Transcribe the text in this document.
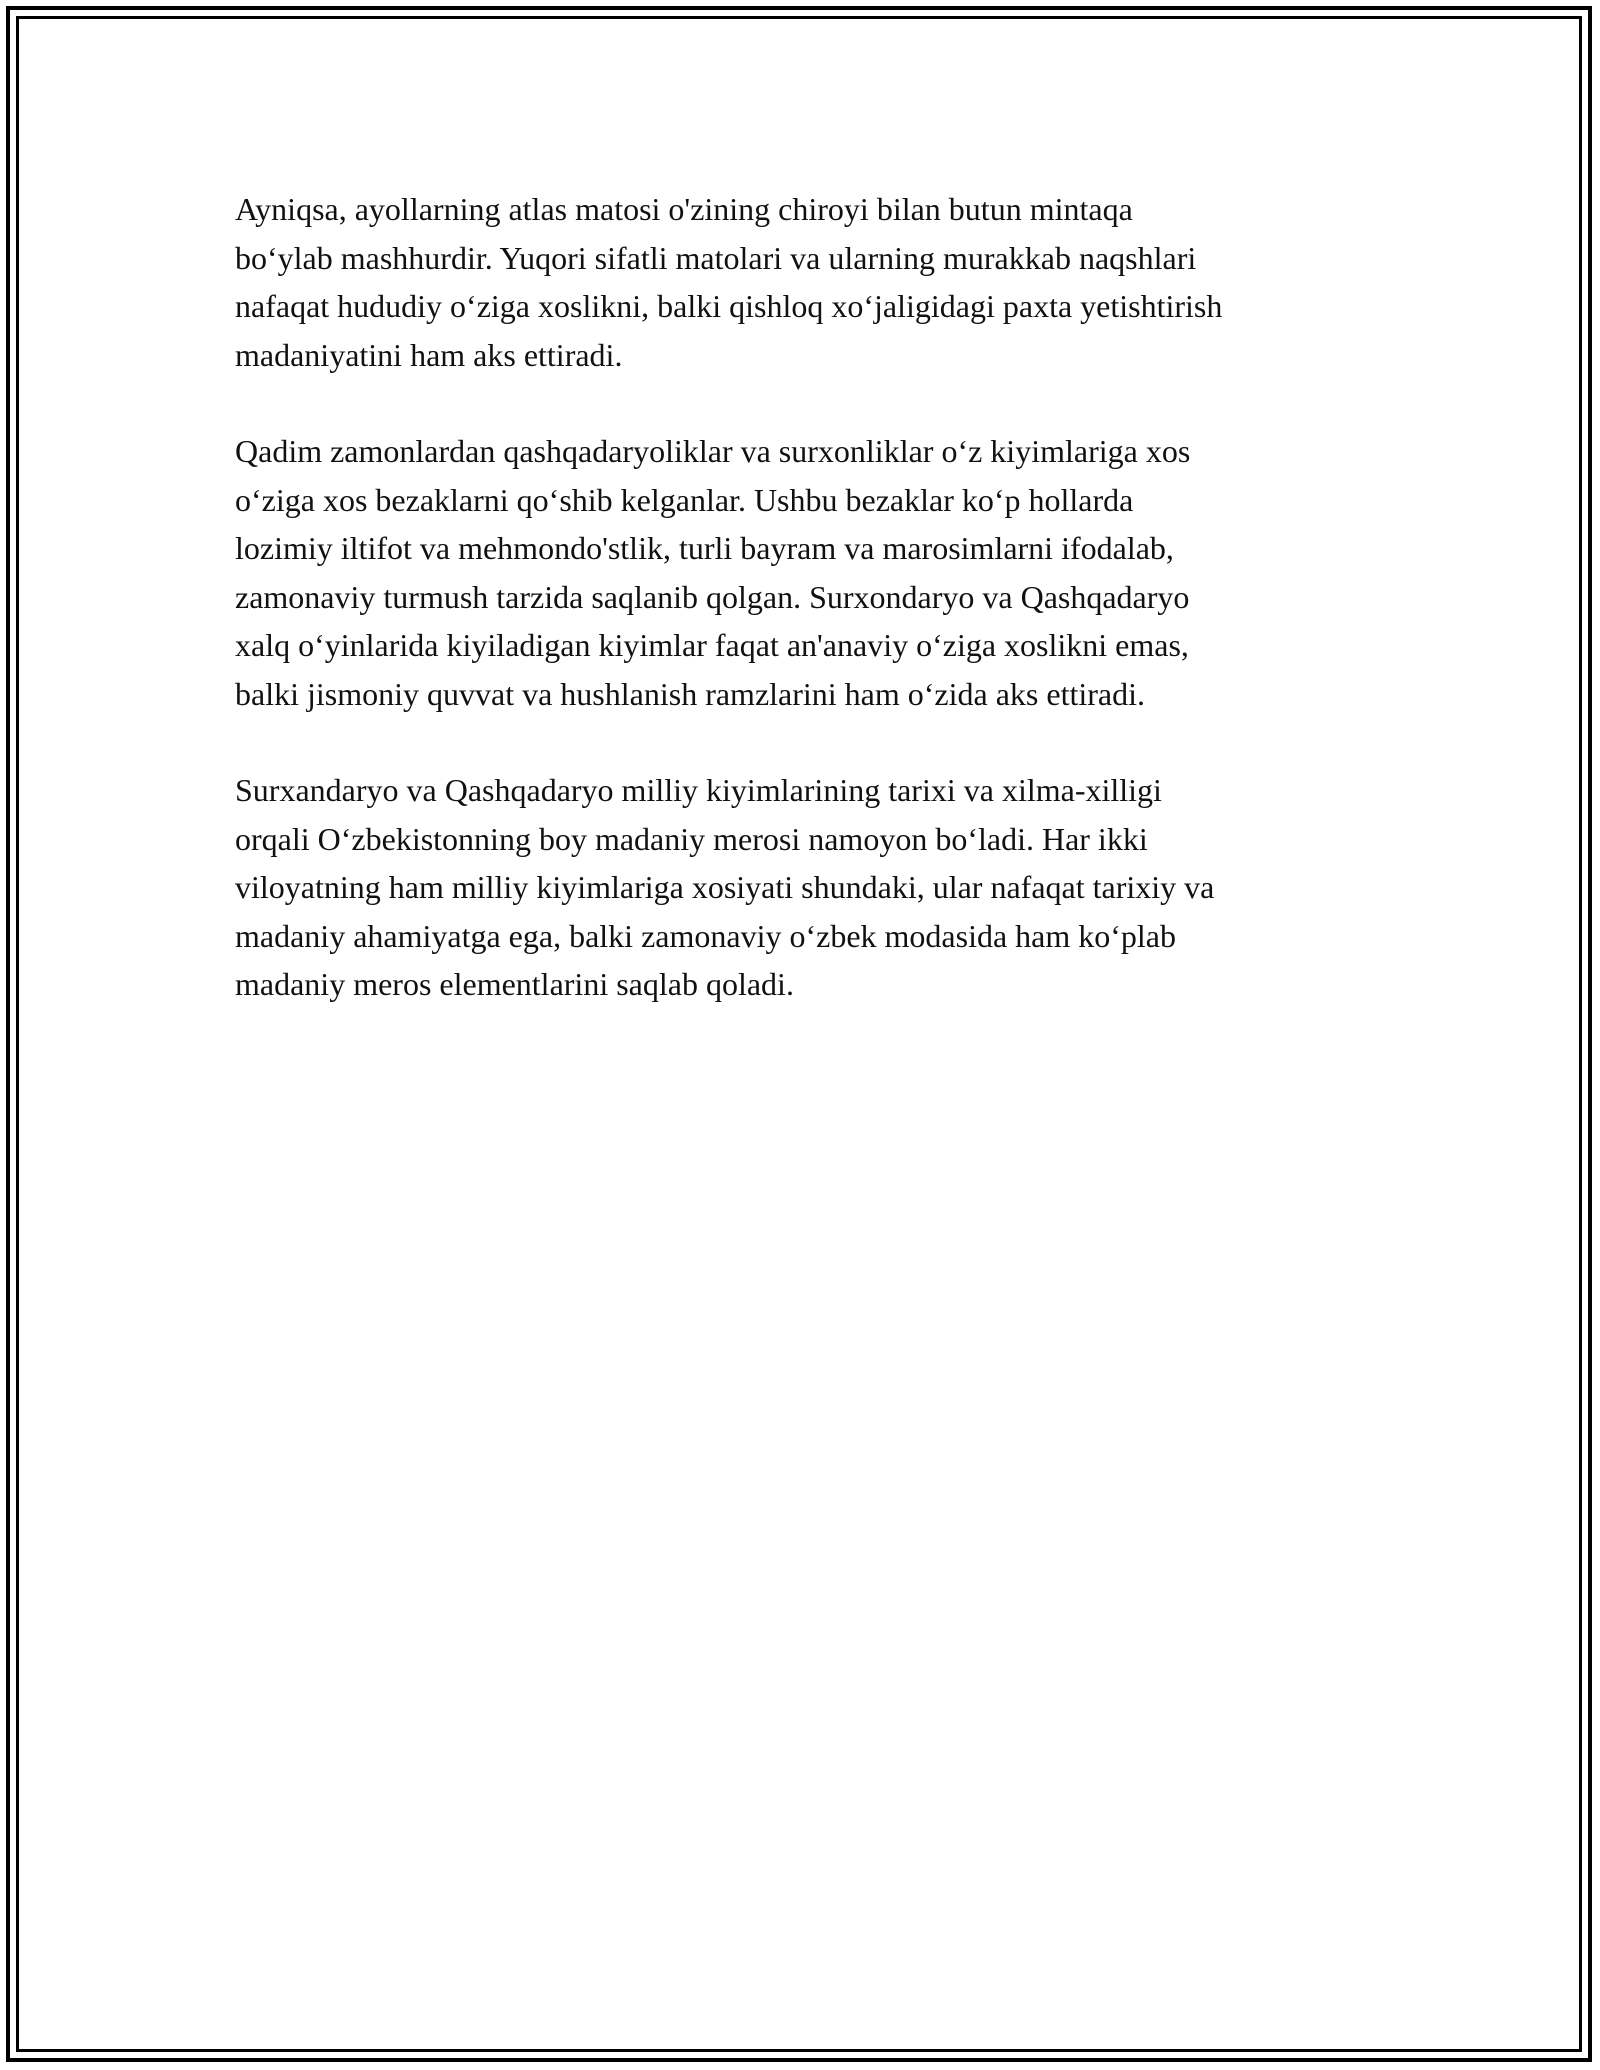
Ayniqsa, ayollarning atlas matosi o'zining chiroyi bilan butun mintaqa
bo‘ylab mashhurdir. Yuqori sifatli matolari va ularning murakkab naqshlari
nafaqat hududiy o‘ziga xoslikni, balki qishloq xo‘jaligidagi paxta yetishtirish
madaniyatini ham aks ettiradi.

Qadim zamonlardan qashqadaryoliklar va surxonliklar o‘z kiyimlariga xos
o‘ziga xos bezaklarni qo‘shib kelganlar. Ushbu bezaklar ko‘p hollarda
lozimiy iltifot va mehmondo'stlik, turli bayram va marosimlarni ifodalab,
zamonaviy turmush tarzida saqlanib qolgan. Surxondaryo va Qashqadaryo
xalq o‘yinlarida kiyiladigan kiyimlar faqat an'anaviy o‘ziga xoslikni emas,
balki jismoniy quvvat va hushlanish ramzlarini ham o‘zida aks ettiradi.

Surxandaryo va Qashqadaryo milliy kiyimlarining tarixi va xilma-xilligi
orqali O‘zbekistonning boy madaniy merosi namoyon bo‘ladi. Har ikki
viloyatning ham milliy kiyimlariga xosiyati shundaki, ular nafaqat tarixiy va
madaniy ahamiyatga ega, balki zamonaviy o‘zbek modasida ham ko‘plab
madaniy meros elementlarini saqlab qoladi.
